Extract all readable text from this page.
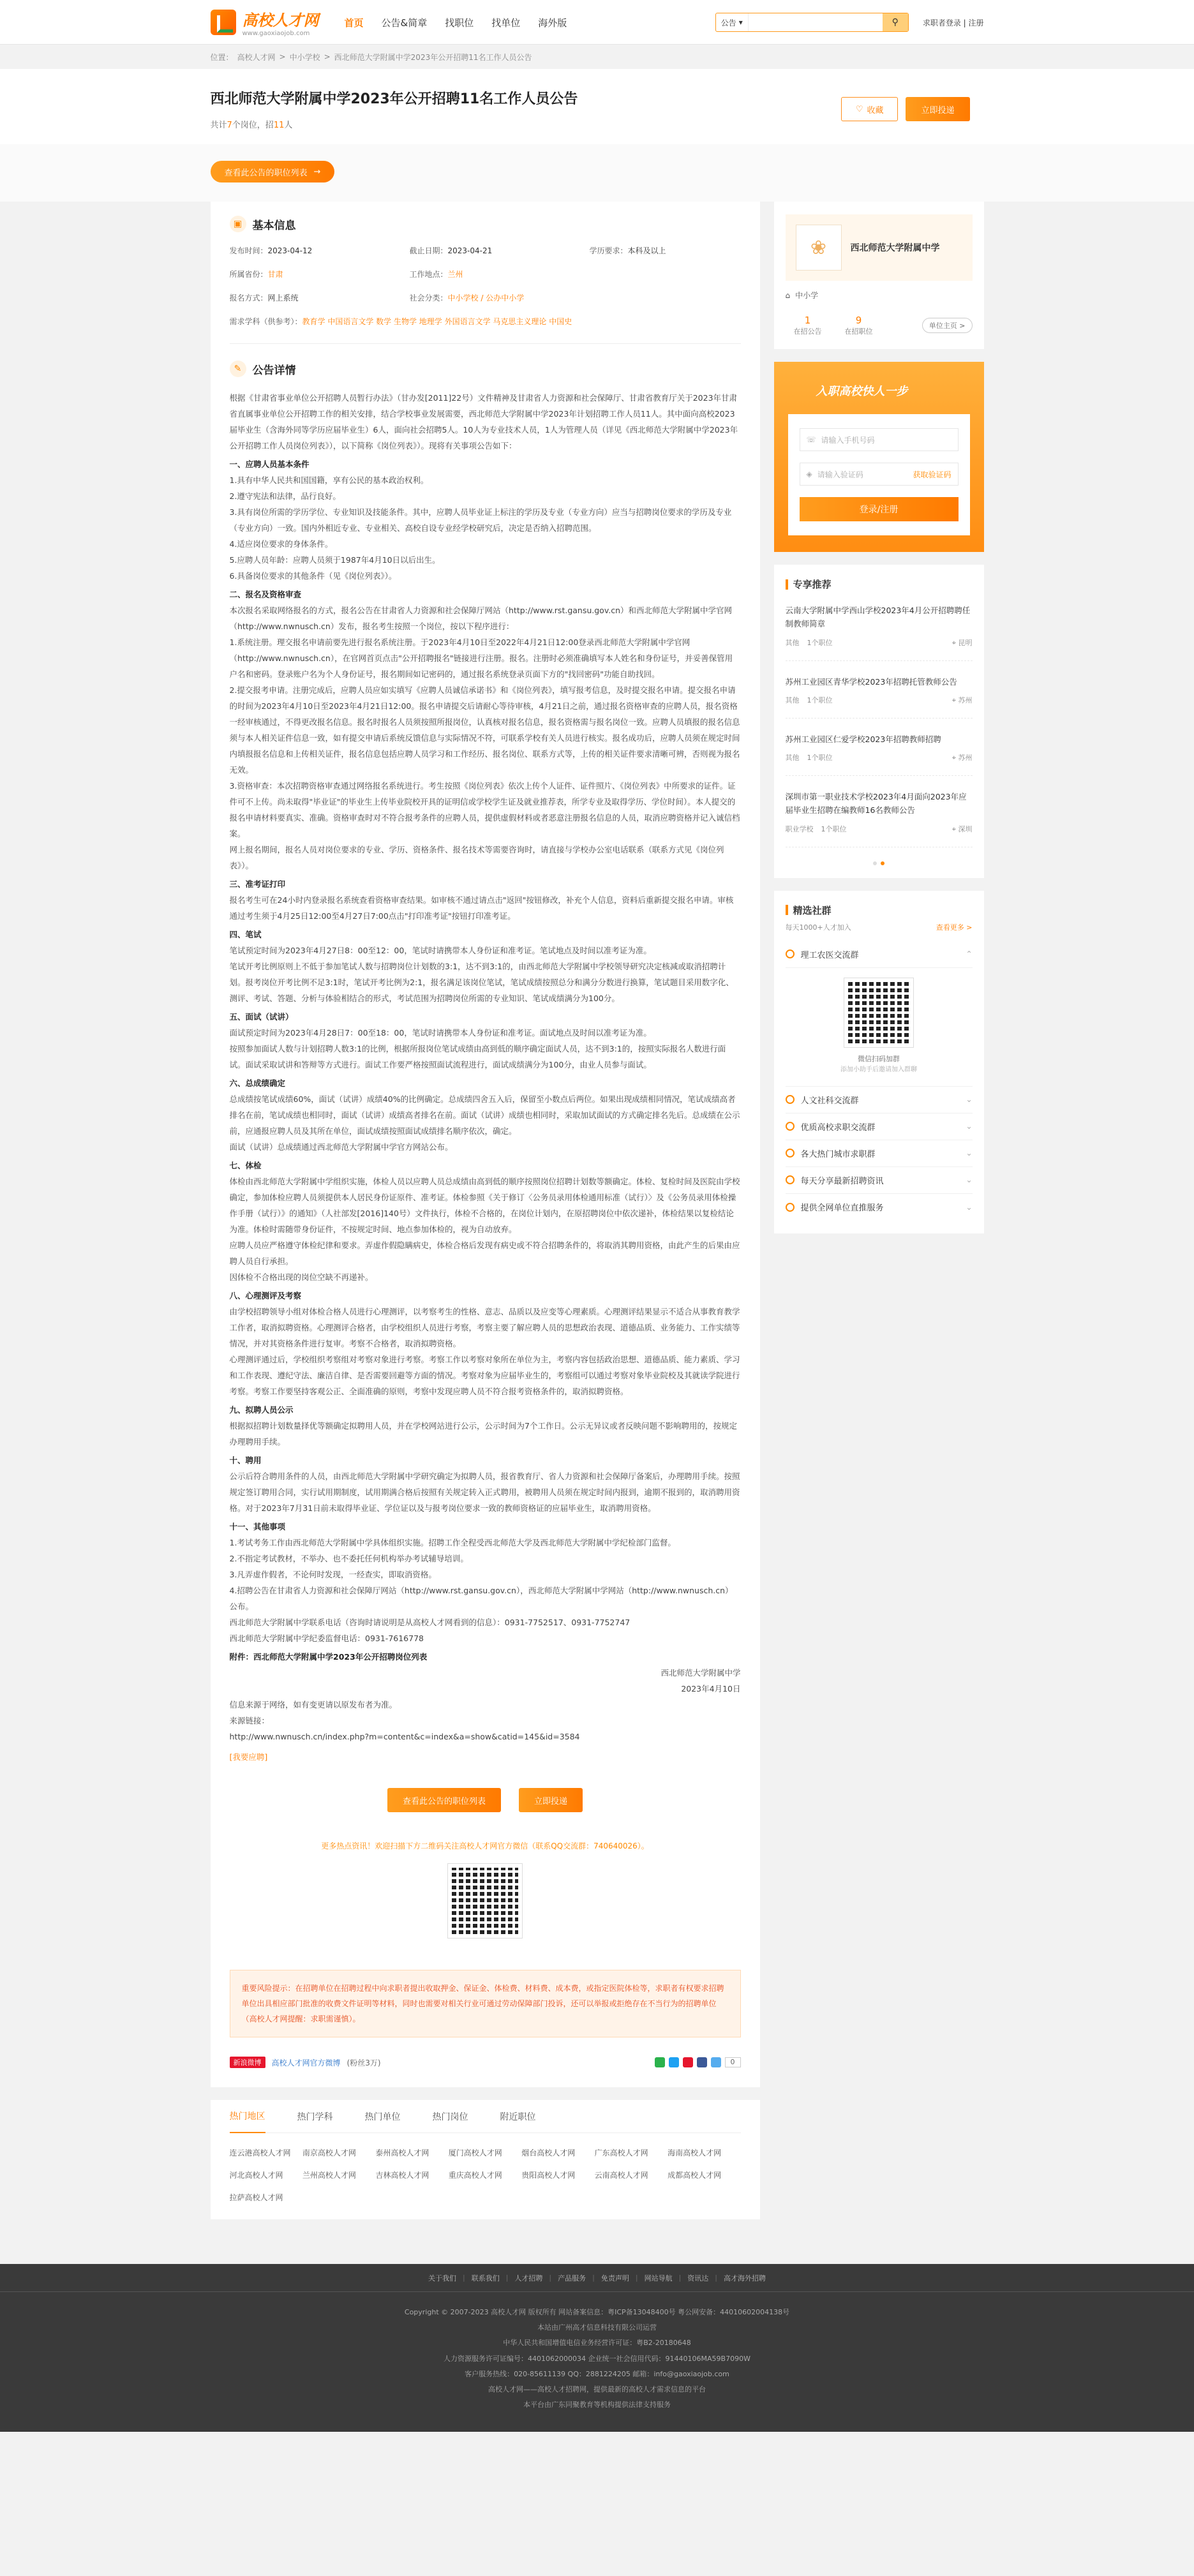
高校人才网
www.gaoxiaojob.com
首页 公告&简章 找职位 找单位 海外版	公告 ▾	⚲	求职者登录 | 注册
位置： 高校人才网 > 中小学校 > 西北师范大学附属中学2023年公开招聘11名工作人员公告
西北师范大学附属中学2023年公开招聘11名工作人员公告
共计7个岗位，招11人
♡ 收藏	立即投递
查看此公告的职位列表 →
▣ 基本信息
发布时间：2023-04-12	截止日期：2023-04-21	学历要求：本科及以上
所属省份：甘肃	工作地点：兰州
报名方式：网上系统	社会分类：中小学校 / 公办中小学
需求学科（供参考）：教育学 中国语言文学 数学 生物学 地理学 外国语言文学 马克思主义理论 中国史
✎	公告详情

根据《甘肃省事业单位公开招聘人员暂行办法》（甘办发[2011]22号）文件精神及甘肃省人力资源和社会保障厅、甘肃省教育厅关于2023年甘肃省直属事业单位公开招聘工作的相关安排，结合学校事业发展需要，西北师范大学附属中学2023年计划招聘工作人员11人。其中面向高校2023届毕业生（含海外同等学历应届毕业生）6人，面向社会招聘5人。10人为专业技术人员，1人为管理人员（详见《西北师范大学附属中学2023年公开招聘工作人员岗位列表》），以下简称《岗位列表》）。现将有关事项公告如下：

一、应聘人员基本条件

1.具有中华人民共和国国籍，享有公民的基本政治权利。

2.遵守宪法和法律，品行良好。

3.具有岗位所需的学历学位、专业知识及技能条件。其中，应聘人员毕业证上标注的学历及专业（专业方向）应当与招聘岗位要求的学历及专业（专业方向）一致。国内外相近专业、专业相关、高校自设专业经学校研究后，决定是否纳入招聘范围。

4.适应岗位要求的身体条件。

5.应聘人员年龄：应聘人员须于1987年4月10日以后出生。

6.具备岗位要求的其他条件（见《岗位列表》）。

二、报名及资格审查

本次报名采取网络报名的方式，报名公告在甘肃省人力资源和社会保障厅网站（http://www.rst.gansu.gov.cn）和西北师范大学附属中学官网（http://www.nwnusch.cn）发布，报名考生按照一个岗位，按以下程序进行：

1.系统注册。理交报名申请前要先进行报名系统注册。于2023年4月10日至2022年4月21日12:00登录西北师范大学附属中学官网（http://www.nwnusch.cn），在官网首页点击"公开招聘报名"链接进行注册。报名。注册时必须准确填写本人姓名和身份证号，并妥善保管用户名和密码。登录账户名为个人身份证号，报名期间如记密码的，通过报名系统登录页面下方的"找回密码"功能自助找回。

2.提交报考申请。注册完成后，应聘人员应如实填写《应聘人员诚信承诺书》和《岗位列表》，填写报考信息，及时提交报名申请。提交报名申请的时间为2023年4月10日至2023年4月21日12:00。报名申请提交后请耐心等待审核，4月21日之前，通过报名资格审查的应聘人员，报名资格一经审核通过，不得更改报名信息。报名时报名人员须按照所报岗位，认真核对报名信息，报名资格需与报名岗位一致。应聘人员填报的报名信息须与本人相关证件信息一致，如有提交申请后系统反馈信息与实际情况不符，可联系学校有关人员进行核实。报名成功后，应聘人员须在规定时间内填报报名信息和上传相关证件，报名信息包括应聘人员学习和工作经历、报名岗位、联系方式等，上传的相关证件要求清晰可辨，否则视为报名无效。

3.资格审查：本次招聘资格审查通过网络报名系统进行。考生按照《岗位列表》依次上传个人证件、证件照片、《岗位列表》中所要求的证件。证件可不上传。尚未取得"毕业证"的毕业生上传毕业院校开具的证明信或学校学生证及就业推荐表，所学专业及取得学历、学位时间）。本人提交的报名申请材料要真实、准确。资格审查时对不符合报考条件的应聘人员，提供虚假材料或者恶意注册报名信息的人员，取消应聘资格并记入诚信档案。

网上报名期间，报名人员对岗位要求的专业、学历、资格条件、报名技术等需要咨询时，请直接与学校办公室电话联系（联系方式见《岗位列表》）。

三、准考证打印

报名考生可在24小时内登录报名系统查看资格审查结果。如审核不通过请点击"返回"按钮修改，补充个人信息，资料后重新提交报名申请。审核通过考生须于4月25日12:00至4月27日7:00点击"打印准考证"按钮打印准考证。

四、笔试

笔试预定时间为2023年4月27日8：00至12：00，笔试时请携带本人身份证和准考证。笔试地点及时间以准考证为准。

笔试开考比例原则上不低于参加笔试人数与招聘岗位计划数的3:1，达不到3:1的，由西北师范大学附属中学校领导研究决定核减或取消招聘计划。报考岗位开考比例不足3:1时，笔试开考比例为2:1，报名满足该岗位笔试，笔试成绩按照总分和满分分数进行换算，笔试题目采用数字化、测评、考试、答题、分析与体验相结合的形式，考试范围为招聘岗位所需的专业知识、笔试成绩满分为100分。

五、面试（试讲）

面试预定时间为2023年4月28日7：00至18：00，笔试时请携带本人身份证和准考证。面试地点及时间以准考证为准。

按照参加面试人数与计划招聘人数3:1的比例，根据所报岗位笔试成绩由高到低的顺序确定面试人员，达不到3:1的，按照实际报名人数进行面试。面试采取试讲和答辩等方式进行。面试工作要严格按照面试流程进行，面试成绩满分为100分，由业人员参与面试。

六、总成绩确定

总成绩按笔试成绩60%，面试（试讲）成绩40%的比例确定。总成绩四舍五入后，保留至小数点后两位。如果出现成绩相同情况，笔试成绩高者排名在前，笔试成绩也相同时，面试（试讲）成绩高者排名在前。面试（试讲）成绩也相同时，采取加试面试的方式确定排名先后。总成绩在公示前，应通报应聘人员及其所在单位，面试成绩按照面试成绩排名顺序依次，确定。

面试（试讲）总成绩通过西北师范大学附属中学官方网站公布。

七、体检

体检由西北师范大学附属中学组织实施，体检人员以应聘人员总成绩由高到低的顺序按照岗位招聘计划数等额确定。体检、复检时间及医院由学校确定，参加体检应聘人员须提供本人居民身份证原件、准考证。体检参照《关于修订〈公务员录用体检通用标准（试行）〉及《公务员录用体检操作手册（试行）》的通知》（人社部发[2016]140号）文件执行，体检不合格的，在岗位计划内，在原招聘岗位中依次递补，体检结果以复检结论为准。体检时需随带身份证件，不按规定时间、地点参加体检的，视为自动放弃。

应聘人员应严格遵守体检纪律和要求。弄虚作假隐瞒病史，体检合格后发现有病史或不符合招聘条件的，将取消其聘用资格，由此产生的后果由应聘人员自行承担。

因体检不合格出现的岗位空缺不再递补。

八、心理测评及考察

由学校招聘领导小组对体检合格人员进行心理测评，以考察考生的性格、意志、品质以及应变等心理素质。心理测评结果显示不适合从事教育教学工作者，取消拟聘资格。心理测评合格者，由学校组织人员进行考察，考察主要了解应聘人员的思想政治表现、道德品质、业务能力、工作实绩等情况，并对其资格条件进行复审。考察不合格者，取消拟聘资格。

心理测评通过后，学校组织考察组对考察对象进行考察。考察工作以考察对象所在单位为主，考察内容包括政治思想、道德品质、能力素质、学习和工作表现、遵纪守法、廉洁自律、是否需要回避等方面的情况。考察对象为应届毕业生的，考察组可以通过考察对象毕业院校及其就读学院进行考察。考察工作要坚持客观公正、全面准确的原则，考察中发现应聘人员不符合报考资格条件的，取消拟聘资格。

九、拟聘人员公示

根据拟招聘计划数量择优等额确定拟聘用人员，并在学校网站进行公示，公示时间为7个工作日。公示无异议或者反映问题不影响聘用的，按规定办理聘用手续。

十、聘用

公示后符合聘用条件的人员，由西北师范大学附属中学研究确定为拟聘人员，报省教育厅、省人力资源和社会保障厅备案后，办理聘用手续。按照规定签订聘用合同，实行试用期制度，试用期满合格后按照有关规定转入正式聘用，被聘用人员须在规定时间内报到，逾期不报到的，取消聘用资格。对于2023年7月31日前未取得毕业证、学位证以及与报考岗位要求一致的教师资格证的应届毕业生，取消聘用资格。

十一、其他事项

1.考试考务工作由西北师范大学附属中学具体组织实施。招聘工作全程受西北师范大学及西北师范大学附属中学纪检部门监督。

2.不指定考试教材，不举办、也不委托任何机构举办考试辅导培训。

3.凡弄虚作假者，不论何时发现，一经查实，即取消资格。

4.招聘公告在甘肃省人力资源和社会保障厅网站（http://www.rst.gansu.gov.cn），西北师范大学附属中学网站（http://www.nwnusch.cn）公布。

西北师范大学附属中学联系电话（咨询时请说明是从高校人才网看到的信息）：0931-7752517、0931-7752747

西北师范大学附属中学纪委监督电话：0931-7616778

附件：西北师范大学附属中学2023年公开招聘岗位列表

西北师范大学附属中学

2023年4月10日

信息来源于网络，如有变更请以原发布者为准。

来源链接：

http://www.nwnusch.cn/index.php?m=content&c=index&a=show&catid=145&id=3584

[我要应聘]

查看此公告的职位列表	立即投递
更多热点资讯！欢迎扫描下方二维码关注高校人才网官方微信（联系QQ交流群：740640026）。
重要风险提示：在招聘单位在招聘过程中向求职者提出收取押金、保证金、体检费、材料费、成本费，或指定医院体检等，求职者有权要求招聘单位出具相应部门批准的收费文件证明等材料，同时也需要对相关行业可通过劳动保障部门投诉，还可以举报或拒绝存在不当行为的招聘单位（高校人才网提醒：求职需谨慎）。
新浪微博	高校人才网官方微博 (粉丝3万)	0
热门地区	热门学科	热门单位	热门岗位	附近职位
连云港高校人才网	南京高校人才网	泰州高校人才网	厦门高校人才网	烟台高校人才网	广东高校人才网	海南高校人才网
河北高校人才网	兰州高校人才网	吉林高校人才网	重庆高校人才网	贵阳高校人才网	云南高校人才网	成都高校人才网
拉萨高校人才网
❀	西北师范大学附属中学
⌂ 中小学
1
在招公告
9
在招职位
单位主页 >
入职高校快人一步
☏ 请输入手机号码
◈ 请输入验证码	获取验证码
登录/注册
专享推荐
云南大学附属中学西山学校2023年4月公开招聘聘任制教师简章
其他 1个职位	⌖ 昆明
苏州工业园区青华学校2023年招聘托管教师公告
其他 1个职位	⌖ 苏州
苏州工业园区仁爱学校2023年招聘教师招聘
其他 1个职位	⌖ 苏州
深圳市第一职业技术学校2023年4月面向2023年应届毕业生招聘在编教师16名教师公告
职业学校 1个职位	⌖ 深圳
精选社群
每天1000+人才加入	查看更多 >
理工农医交流群	⌃
微信扫码加群
添加小助手后邀请加入群聊
人文社科交流群	⌄
优质高校求职交流群	⌄
各大热门城市求职群	⌄
每天分享最新招聘资讯	⌄
提供全网单位直推服务	⌄
关于我们 | 联系我们 | 人才招聘 | 产品服务 | 免责声明 | 网站导航 | 资讯达 | 高才海外招聘
Copyright © 2007-2023 高校人才网 版权所有 网站备案信息：粤ICP备13048400号 粤公网安备：44010602004138号
本站由广州高才信息科技有限公司运营
中华人民共和国增值电信业务经营许可证：粤B2-20180648
人力资源服务许可证编号：4401062000034 企业统一社会信用代码：91440106MA59B7090W
客户服务热线：020-85611139 QQ：2881224205 邮箱：info@gaoxiaojob.com
高校人才网——高校人才招聘网，提供最新的高校人才需求信息的平台
本平台由广东同聚教育等机构提供法律支持服务
